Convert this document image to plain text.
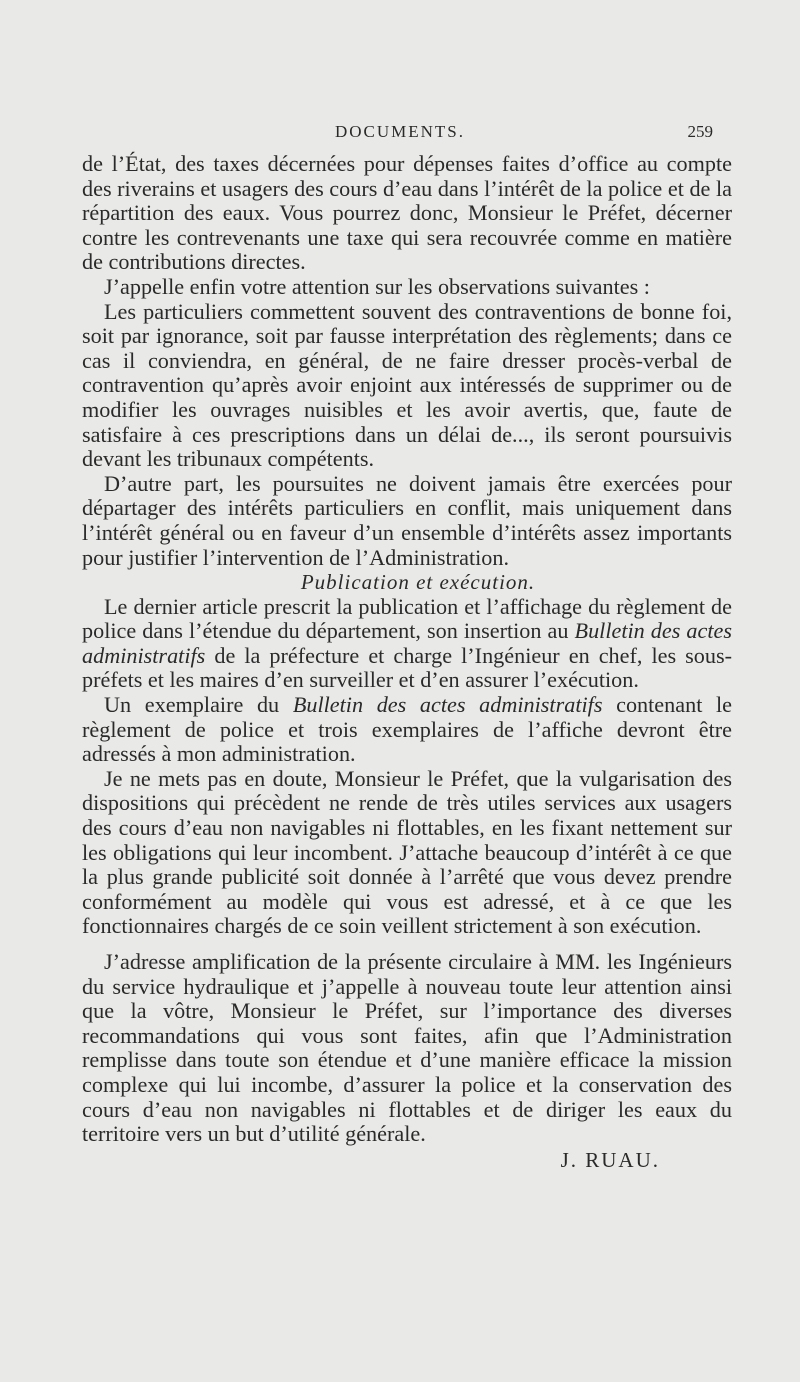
DOCUMENTS.	259

de l’État, des taxes décernées pour dépenses faites d’office au compte des riverains et usagers des cours d’eau dans l’intérêt de la police et de la répartition des eaux. Vous pourrez donc, Monsieur le Préfet, décerner contre les contrevenants une taxe qui sera recouvrée comme en matière de contributions directes.

J’appelle enfin votre attention sur les observations suivantes :

Les particuliers commettent souvent des contraventions de bonne foi, soit par ignorance, soit par fausse interprétation des règlements; dans ce cas il conviendra, en général, de ne faire dresser procès-verbal de contravention qu’après avoir enjoint aux intéressés de supprimer ou de modifier les ouvrages nuisibles et les avoir avertis, que, faute de satisfaire à ces prescriptions dans un délai de..., ils seront poursuivis devant les tribunaux compétents.

D’autre part, les poursuites ne doivent jamais être exercées pour départager des intérêts particuliers en conflit, mais uniquement dans l’intérêt général ou en faveur d’un ensemble d’intérêts assez importants pour justifier l’intervention de l’Administration.

Publication et exécution.

Le dernier article prescrit la publication et l’affichage du règlement de police dans l’étendue du département, son insertion au Bulletin des actes administratifs de la préfecture et charge l’Ingénieur en chef, les sous-préfets et les maires d’en surveiller et d’en assurer l’exécution.

Un exemplaire du Bulletin des actes administratifs contenant le règlement de police et trois exemplaires de l’affiche devront être adressés à mon administration.

Je ne mets pas en doute, Monsieur le Préfet, que la vulgarisation des dispositions qui précèdent ne rende de très utiles services aux usagers des cours d’eau non navigables ni flottables, en les fixant nettement sur les obligations qui leur incombent. J’attache beaucoup d’intérêt à ce que la plus grande publicité soit donnée à l’arrêté que vous devez prendre conformément au modèle qui vous est adressé, et à ce que les fonctionnaires chargés de ce soin veillent strictement à son exécution.

J’adresse amplification de la présente circulaire à MM. les Ingénieurs du service hydraulique et j’appelle à nouveau toute leur attention ainsi que la vôtre, Monsieur le Préfet, sur l’importance des diverses recommandations qui vous sont faites, afin que l’Administration remplisse dans toute son étendue et d’une manière efficace la mission complexe qui lui incombe, d’assurer la police et la conservation des cours d’eau non navigables ni flottables et de diriger les eaux du territoire vers un but d’utilité générale.

J. RUAU.
